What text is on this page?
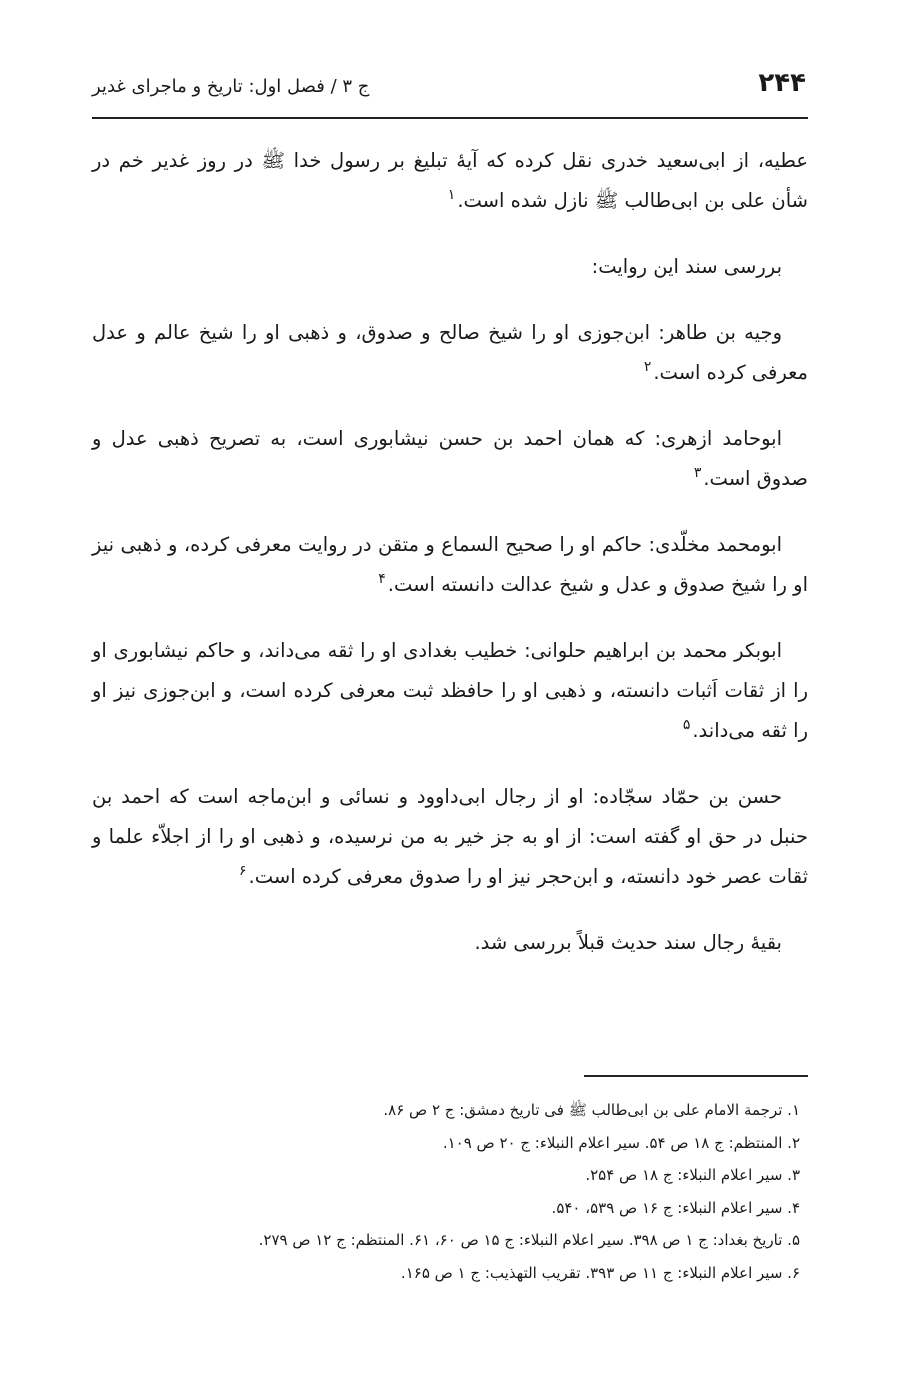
۲۴۴
ج ۳ / فصل اول: تاریخ و ماجرای غدیر

عطیه، از ابی‌سعید خدری نقل کرده که آیهٔ تبلیغ بر رسول خدا ﷺ در روز غدیر خم در شأن علی بن ابی‌طالب ﷺ نازل شده است.$^۱$

بررسی سند این روایت:

وجیه بن طاهر: ابن‌جوزی او را شیخ صالح و صدوق، و ذهبی او را شیخ عالم و عدل معرفی کرده است.$^۲$

ابوحامد ازهری: که همان احمد بن حسن نیشابوری است، به تصریح ذهبی عدل و صدوق است.$^۳$

ابومحمد مخلّدی: حاکم او را صحیح السماع و متقن در روایت معرفی کرده، و ذهبی نیز او را شیخ صدوق و عدل و شیخ عدالت دانسته است.$^۴$

ابوبکر محمد بن ابراهیم حلوانی: خطیب بغدادی او را ثقه می‌داند، و حاکم نیشابوری او را از ثقات اَثبات دانسته، و ذهبی او را حافظد ثبت معرفی کرده است، و ابن‌جوزی نیز او را ثقه می‌داند.$^۵$

حسن بن حمّاد سجّاده: او از رجال ابی‌داوود و نسائی و ابن‌ماجه است که احمد بن حنبل در حق او گفته است: از او به جز خیر به من نرسیده، و ذهبی او را از اجلاّء علما و ثقات عصر خود دانسته، و ابن‌حجر نیز او را صدوق معرفی کرده است.$^۶$

بقیهٔ رجال سند حدیث قبلاً بررسی شد.

۱. ترجمة الامام علی بن ابی‌طالب ﷺ فی تاریخ دمشق: ج ۲ ص ۸۶.
۲. المنتظم: ج ۱۸ ص ۵۴. سیر اعلام النبلاء: ج ۲۰ ص ۱۰۹.
۳. سیر اعلام النبلاء: ج ۱۸ ص ۲۵۴.
۴. سیر اعلام النبلاء: ج ۱۶ ص ۵۳۹، ۵۴۰.
۵. تاریخ بغداد: ج ۱ ص ۳۹۸. سیر اعلام النبلاء: ج ۱۵ ص ۶۰، ۶۱. المنتظم: ج ۱۲ ص ۲۷۹.
۶. سیر اعلام النبلاء: ج ۱۱ ص ۳۹۳. تقریب التهذیب: ج ۱ ص ۱۶۵.
